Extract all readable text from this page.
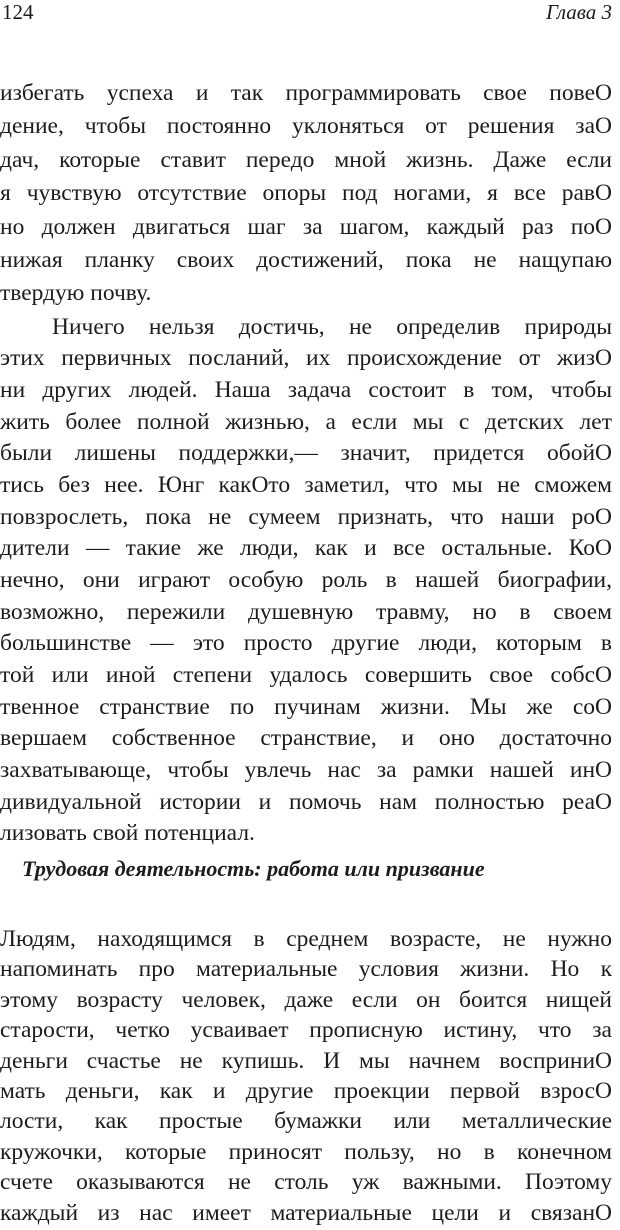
124	Глава 3
избегать успеха и так программировать свое повеO
дение, чтобы постоянно уклоняться от решения заO
дач, которые ставит передо мной жизнь. Даже если
я чувствую отсутствие опоры под ногами, я все равO
но должен двигаться шаг за шагом, каждый раз поO
нижая планку своих достижений, пока не нащупаю
твердую почву.
Ничего нельзя достичь, не определив природы
этих первичных посланий, их происхождение от жизO
ни других людей. Наша задача состоит в том, чтобы
жить более полной жизнью, а если мы с детских лет
были лишены поддержки,— значит, придется обойO
тись без нее. Юнг какOто заметил, что мы не сможем
повзрослеть, пока не сумеем признать, что наши роO
дители — такие же люди, как и все остальные. КоO
нечно, они играют особую роль в нашей биографии,
возможно, пережили душевную травму, но в своем
большинстве — это просто другие люди, которым в
той или иной степени удалось совершить свое собсO
твенное странствие по пучинам жизни. Мы же соO
вершаем собственное странствие, и оно достаточно
захватывающе, чтобы увлечь нас за рамки нашей инO
дивидуальной истории и помочь нам полностью реаO
лизовать свой потенциал.
Трудовая деятельность: работа или призвание
Людям, находящимся в среднем возрасте, не нужно
напоминать про материальные условия жизни. Но к
этому возрасту человек, даже если он боится нищей
старости, четко усваивает прописную истину, что за
деньги счастье не купишь. И мы начнем восприниO
мать деньги, как и другие проекции первой взросO
лости, как простые бумажки или металлические
кружочки, которые приносят пользу, но в конечном
счете оказываются не столь уж важными. Поэтому
каждый из нас имеет материальные цели и связанO
